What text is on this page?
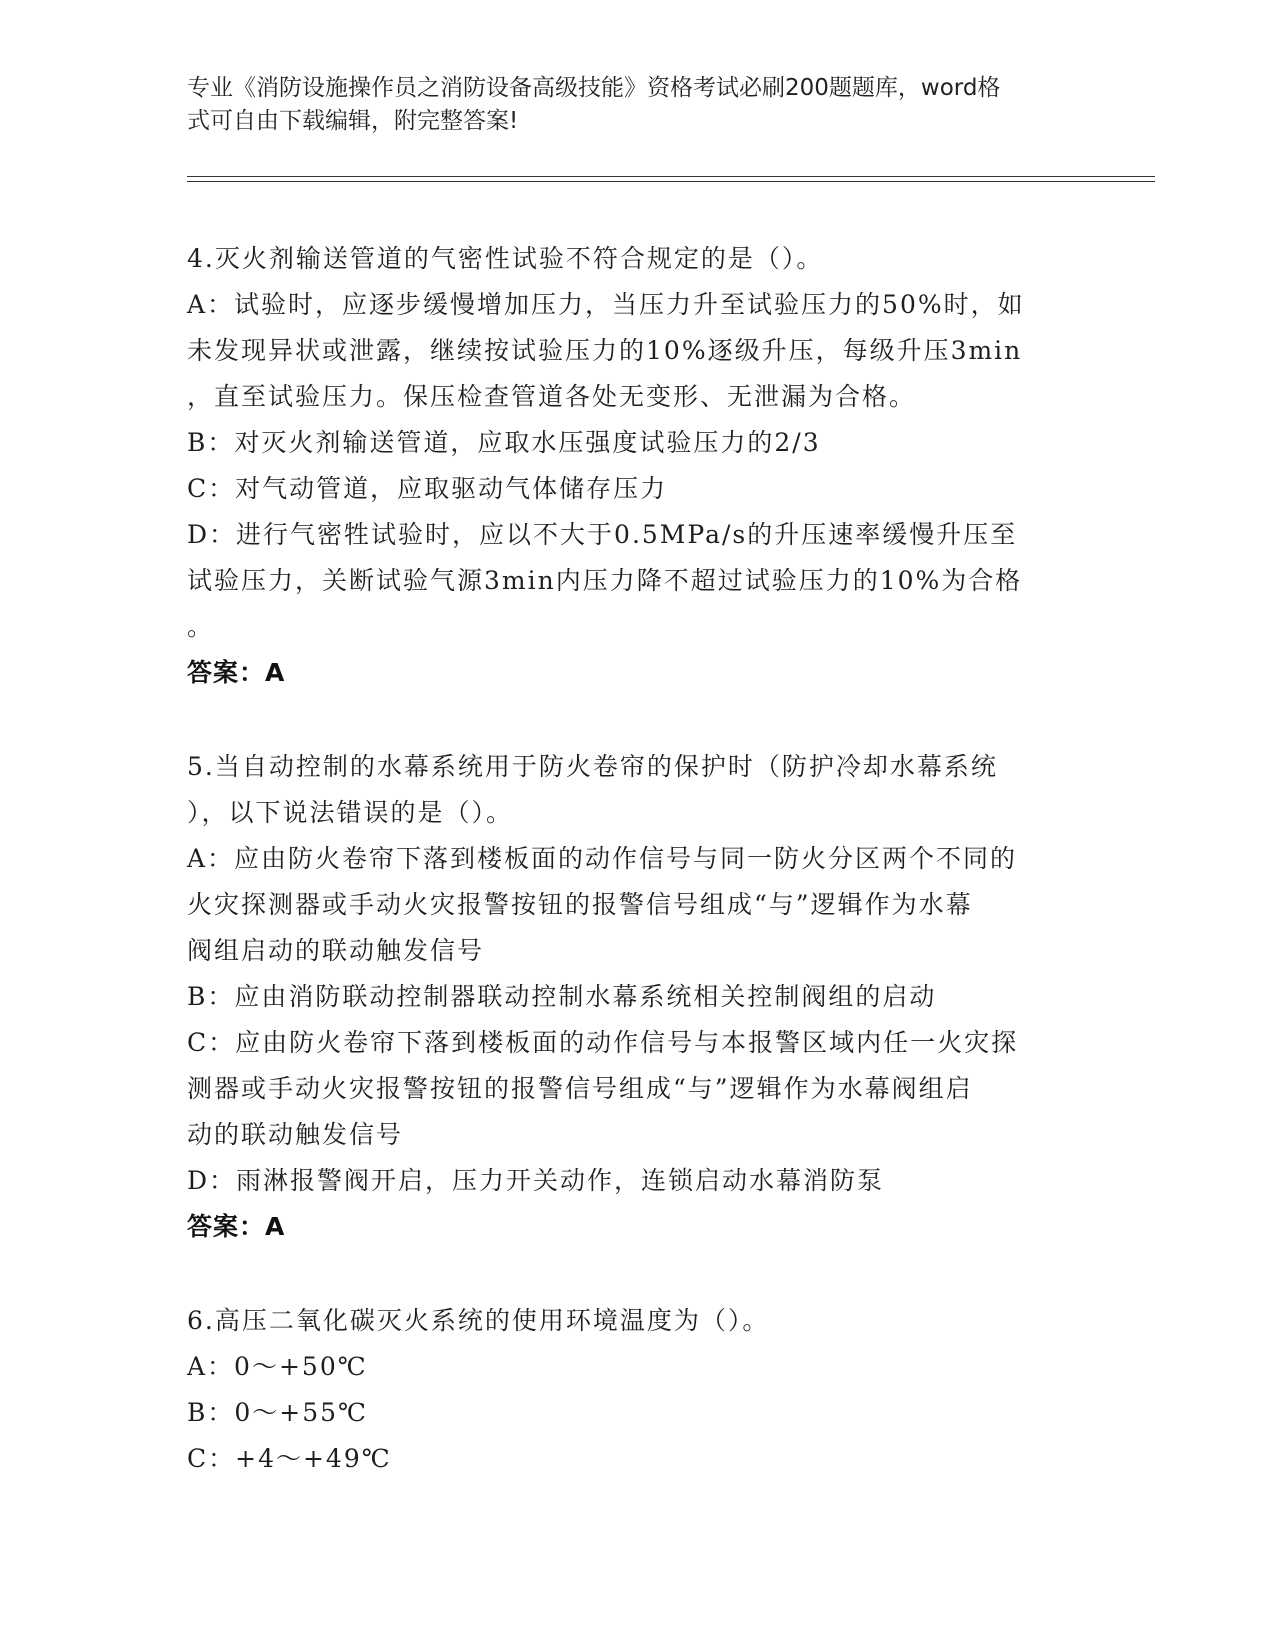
专业《消防设施操作员之消防设备高级技能》资格考试必刷200题题库，word格
式可自由下载编辑，附完整答案!
4.灭火剂输送管道的气密性试验不符合规定的是（）。
A：试验时，应逐步缓慢增加压力，当压力升至试验压力的50%时，如
未发现异状或泄露，继续按试验压力的10%逐级升压，每级升压3min
，直至试验压力。保压检查管道各处无变形、无泄漏为合格。
B：对灭火剂输送管道，应取水压强度试验压力的2/3
C：对气动管道，应取驱动气体储存压力
D：进行气密牲试验时，应以不大于0.5MPa/s的升压速率缓慢升压至
试验压力，关断试验气源3min内压力降不超过试验压力的10%为合格
。
答案：A
5.当自动控制的水幕系统用于防火卷帘的保护时（防护冷却水幕系统
），以下说法错误的是（）。
A：应由防火卷帘下落到楼板面的动作信号与同一防火分区两个不同的
火灾探测器或手动火灾报警按钮的报警信号组成“与”逻辑作为水幕
阀组启动的联动触发信号
B：应由消防联动控制器联动控制水幕系统相关控制阀组的启动
C：应由防火卷帘下落到楼板面的动作信号与本报警区域内任一火灾探
测器或手动火灾报警按钮的报警信号组成“与”逻辑作为水幕阀组启
动的联动触发信号
D：雨淋报警阀开启，压力开关动作，连锁启动水幕消防泵
答案：A
6.高压二氧化碳灭火系统的使用环境温度为（）。
A：0～+50℃
B：0～+55℃
C：+4～+49℃
